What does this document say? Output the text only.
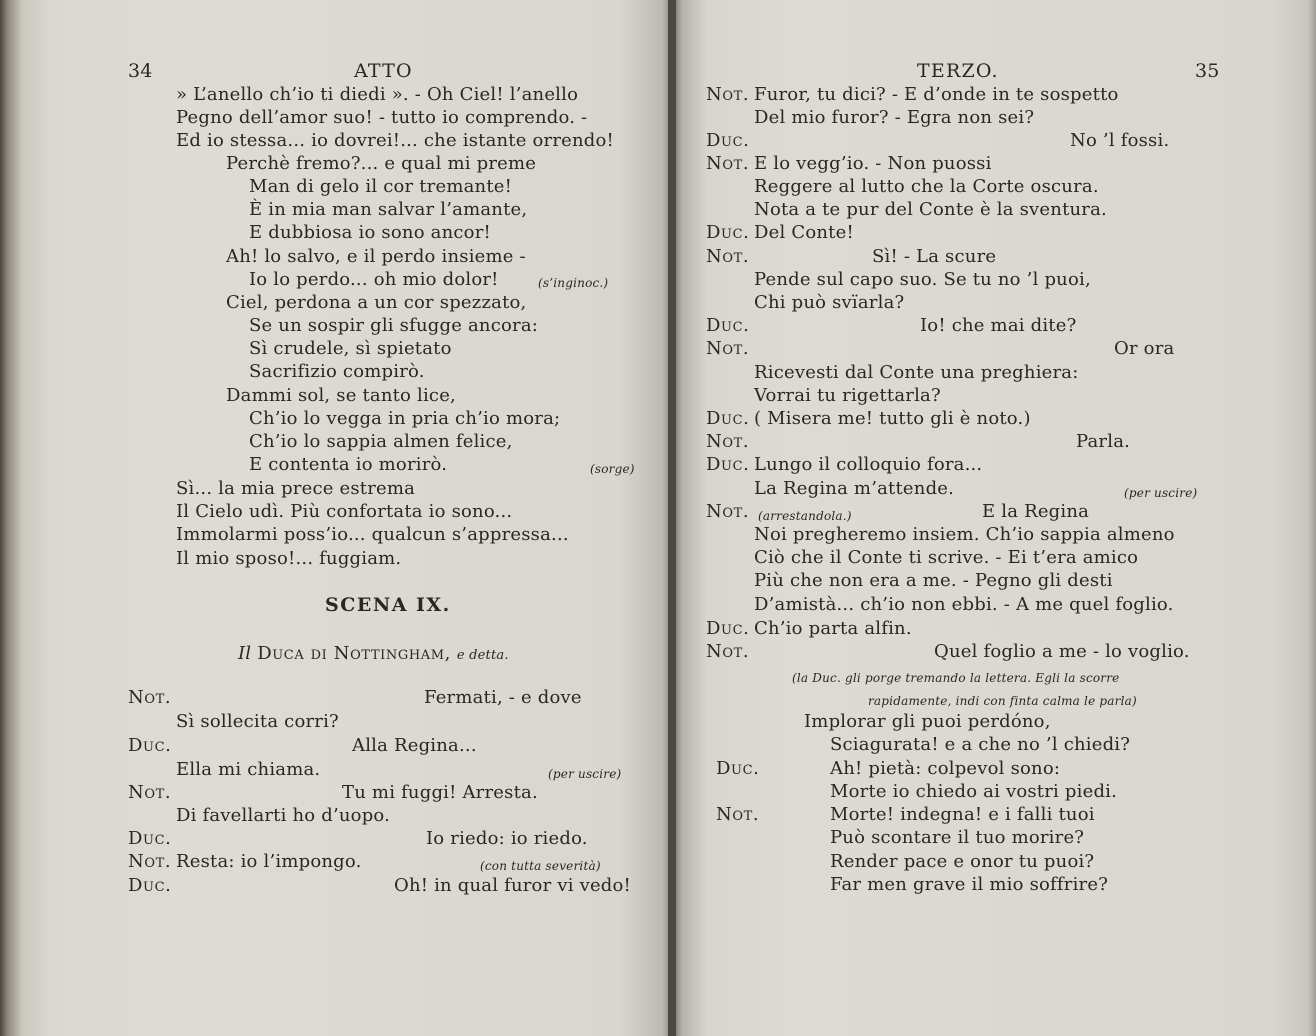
34	ATTO
» L’anello ch’io ti diedi ». - Oh Ciel! l’anello
Pegno dell’amor suo! - tutto io comprendo. -
Ed io stessa... io dovrei!... che istante orrendo!
Perchè fremo?... e qual mi preme
Man di gelo il cor tremante!
È in mia man salvar l’amante,
E dubbiosa io sono ancor!
Ah! lo salvo, e il perdo insieme -
Io lo perdo... oh mio dolor!	(s’inginoc.)
Ciel, perdona a un cor spezzato,
Se un sospir gli sfugge ancora:
Sì crudele, sì spietato
Sacrifizio compirò.
Dammi sol, se tanto lice,
Ch’io lo vegga in pria ch’io mora;
Ch’io lo sappia almen felice,
E contenta io morirò.	(sorge)
Sì... la mia prece estrema
Il Cielo udì. Più confortata io sono...
Immolarmi poss’io... qualcun s’appressa...
Il mio sposo!... fuggiam.
SCENA IX.
Il Duca di Nottingham, e detta.
Not.	Fermati, - e dove
Sì sollecita corri?
Duc.	Alla Regina...
Ella mi chiama.	(per uscire)
Not.	Tu mi fuggi! Arresta.
Di favellarti ho d’uopo.
Duc.	Io riedo: io riedo.
Not. Resta: io l’impongo.	(con tutta severità)
Duc.	Oh! in qual furor vi vedo!
TERZO.	35
Not. Furor, tu dici? - E d’onde in te sospetto
Del mio furor? - Egra non sei?
Duc.	No ’l fossi.
Not. E lo vegg’io. - Non puossi
Reggere al lutto che la Corte oscura.
Nota a te pur del Conte è la sventura.
Duc. Del Conte!
Not.	Sì! - La scure
Pende sul capo suo. Se tu no ’l puoi,
Chi può svïarla?
Duc.	Io! che mai dite?
Not.	Or ora
Ricevesti dal Conte una preghiera:
Vorrai tu rigettarla?
Duc. ( Misera me! tutto gli è noto.)
Not.	Parla.
Duc. Lungo il colloquio fora...
La Regina m’attende.	(per uscire)
Not. (arrestandola.)	E la Regina
Noi pregheremo insiem. Ch’io sappia almeno
Ciò che il Conte ti scrive. - Ei t’era amico
Più che non era a me. - Pegno gli desti
D’amistà... ch’io non ebbi. - A me quel foglio.
Duc. Ch’io parta alfin.
Not.	Quel foglio a me - lo voglio.
(la Duc. gli porge tremando la lettera. Egli la scorre
rapidamente, indi con finta calma le parla)
Implorar gli puoi perdóno,
Sciagurata! e a che no ’l chiedi?
Duc.	Ah! pietà: colpevol sono:
Morte io chiedo ai vostri piedi.
Not.	Morte! indegna! e i falli tuoi
Può scontare il tuo morire?
Render pace e onor tu puoi?
Far men grave il mio soffrire?
